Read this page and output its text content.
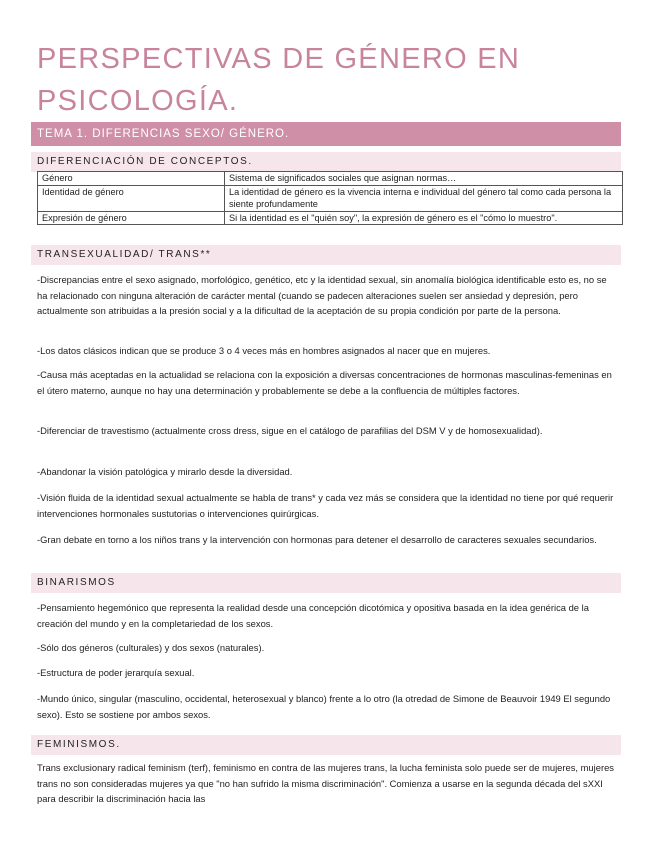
PERSPECTIVAS DE GÉNERO EN
PSICOLOGÍA.
TEMA 1. DIFERENCIAS SEXO/ GÉNERO.
DIFERENCIACIÓN DE CONCEPTOS.
Género	Sistema de significados sociales que asignan normas…
Identidad de género	La identidad de género es la vivencia interna e individual del género tal como cada persona la siente profundamente
Expresión de género	Si la identidad es el "quién soy", la expresión de género es el "cómo lo muestro".
TRANSEXUALIDAD/ TRANS**

-Discrepancias entre el sexo asignado, morfológico, genético, etc y la identidad sexual, sin anomalía biológica identificable esto es, no se ha relacionado con ninguna alteración de carácter mental (cuando se padecen alteraciones suelen ser ansiedad y depresión, pero actualmente son atribuidas a la presión social y a la dificultad de la aceptación de su propia condición por parte de la persona.

-Los datos clásicos indican que se produce 3 o 4 veces más en hombres asignados al nacer que en mujeres.

-Causa más aceptadas en la actualidad se relaciona con la exposición a diversas concentraciones de hormonas masculinas-femeninas en el útero materno, aunque no hay una determinación y probablemente se debe a la confluencia de múltiples factores.

-Diferenciar de travestismo (actualmente cross dress, sigue en el catálogo de parafilias del DSM V y de homosexualidad).

-Abandonar la visión patológica y mirarlo desde la diversidad.

-Visión fluida de la identidad sexual actualmente se habla de trans* y cada vez más se considera que la identidad no tiene por qué requerir intervenciones hormonales sustutorias o intervenciones quirúrgicas.

-Gran debate en torno a los niños trans y la intervención con hormonas para detener el desarrollo de caracteres sexuales secundarios.

BINARISMOS

-Pensamiento hegemónico que representa la realidad desde una concepción dicotómica y opositiva basada en la idea genérica de la creación del mundo y en la completariedad de los sexos.

-Sólo dos géneros (culturales) y dos sexos (naturales).

-Estructura de poder jerarquía sexual.

-Mundo único, singular (masculino, occidental, heterosexual y blanco) frente a lo otro (la otredad de Simone de Beauvoir 1949 El segundo sexo). Esto se sostiene por ambos sexos.

FEMINISMOS.

Trans exclusionary radical feminism (terf), feminismo en contra de las mujeres trans, la lucha feminista solo puede ser de mujeres, mujeres trans no son consideradas mujeres ya que "no han sufrido la misma discriminación". Comienza a usarse en la segunda década del sXXI para describir la discriminación hacia las
